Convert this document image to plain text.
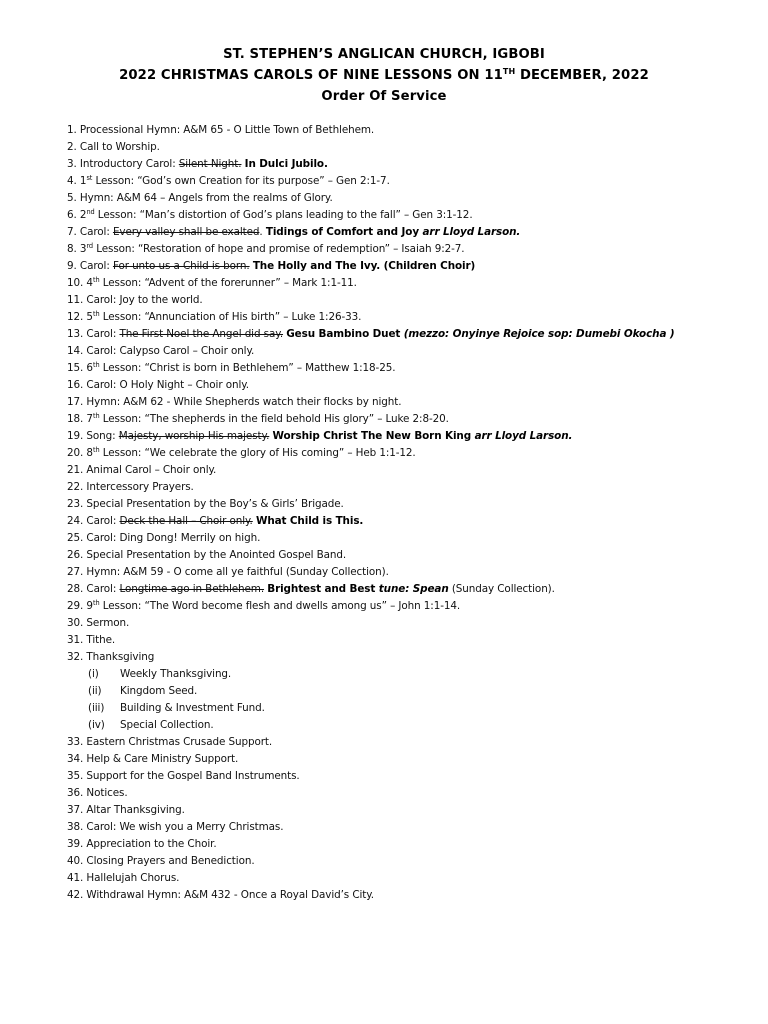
ST. STEPHEN’S ANGLICAN CHURCH, IGBOBI
2022 CHRISTMAS CAROLS OF NINE LESSONS ON 11TH DECEMBER, 2022
Order Of Service
1. Processional Hymn: A&M 65 - O Little Town of Bethlehem.
2. Call to Worship.
3. Introductory Carol: Silent Night. In Dulci Jubilo.
4. 1st Lesson: “God’s own Creation for its purpose” – Gen 2:1-7.
5. Hymn: A&M 64 – Angels from the realms of Glory.
6. 2nd Lesson: “Man’s distortion of God’s plans leading to the fall” – Gen 3:1-12.
7. Carol: Every valley shall be exalted. Tidings of Comfort and Joy arr Lloyd Larson.
8. 3rd Lesson: “Restoration of hope and promise of redemption” – Isaiah 9:2-7.
9. Carol: For unto us a Child is born. The Holly and The Ivy. (Children Choir)
10. 4th Lesson: “Advent of the forerunner” – Mark 1:1-11.
11. Carol: Joy to the world.
12. 5th Lesson: “Annunciation of His birth” – Luke 1:26-33.
13. Carol: The First Noel the Angel did say. Gesu Bambino Duet (mezzo: Onyinye Rejoice sop: Dumebi Okocha )
14. Carol: Calypso Carol – Choir only.
15. 6th Lesson: “Christ is born in Bethlehem” – Matthew 1:18-25.
16. Carol: O Holy Night – Choir only.
17. Hymn: A&M 62 - While Shepherds watch their flocks by night.
18. 7th Lesson: “The shepherds in the field behold His glory” – Luke 2:8-20.
19. Song: Majesty, worship His majesty. Worship Christ The New Born King arr Lloyd Larson.
20. 8th Lesson: “We celebrate the glory of His coming” – Heb 1:1-12.
21. Animal Carol – Choir only.
22. Intercessory Prayers.
23. Special Presentation by the Boy’s & Girls’ Brigade.
24. Carol: Deck the Hall – Choir only. What Child is This.
25. Carol: Ding Dong! Merrily on high.
26. Special Presentation by the Anointed Gospel Band.
27. Hymn: A&M 59 - O come all ye faithful (Sunday Collection).
28. Carol: Longtime ago in Bethlehem. Brightest and Best tune: Spean (Sunday Collection).
29. 9th Lesson: “The Word become flesh and dwells among us” – John 1:1-14.
30. Sermon.
31. Tithe.
32. Thanksgiving
(i) Weekly Thanksgiving.
(ii) Kingdom Seed.
(iii) Building & Investment Fund.
(iv) Special Collection.
33. Eastern Christmas Crusade Support.
34. Help & Care Ministry Support.
35. Support for the Gospel Band Instruments.
36. Notices.
37. Altar Thanksgiving.
38. Carol: We wish you a Merry Christmas.
39. Appreciation to the Choir.
40. Closing Prayers and Benediction.
41. Hallelujah Chorus.
42. Withdrawal Hymn: A&M 432 - Once a Royal David’s City.
